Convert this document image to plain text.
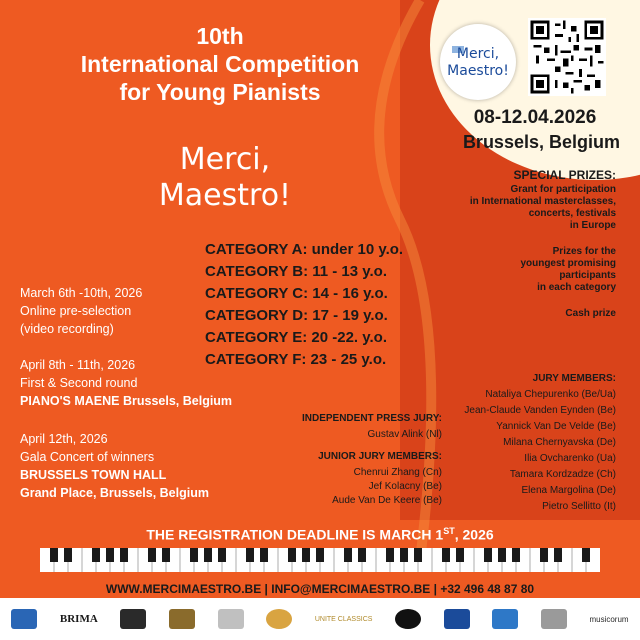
10th
International Competition
for Young Pianists
Merci,
Maestro!
Merci,
Maestro!
08-12.04.2026
Brussels, Belgium
SPECIAL PRIZES:
Grant for participation
in International masterclasses,
concerts, festivals
in Europe
Prizes for the
youngest promising
participants
in each category
Cash prize
CATEGORY A: under 10 y.o.
CATEGORY B: 11 - 13 y.o.
CATEGORY C: 14 - 16 y.o.
CATEGORY D: 17 - 19 y.o.
CATEGORY E: 20 -22. y.o.
CATEGORY F: 23 - 25 y.o.
March 6th -10th, 2026
Online pre-selection
(video recording)
April 8th - 11th, 2026
First & Second round
PIANO'S MAENE Brussels, Belgium
April 12th, 2026
Gala Concert of winners
BRUSSELS TOWN HALL
Grand Place, Brussels, Belgium
INDEPENDENT PRESS JURY:
Gustav Alink (Nl)
JUNIOR JURY MEMBERS:
Chenrui Zhang (Cn)
Jef Kolacny (Be)
Aude Van De Keere (Be)
JURY MEMBERS:
Nataliya Chepurenko (Be/Ua)
Jean-Claude Vanden Eynden (Be)
Yannick Van De Velde (Be)
Milana Chernyavska (De)
Ilia Ovcharenko (Ua)
Tamara Kordzadze (Ch)
Elena Margolina (De)
Pietro Sellitto (It)
THE REGISTRATION DEADLINE IS MARCH 1ST, 2026
WWW.MERCIMAESTRO.BE | INFO@MERCIMAESTRO.BE | +32 496 48 87 80
BRIMA	UNITE CLASSICS	musicorum
